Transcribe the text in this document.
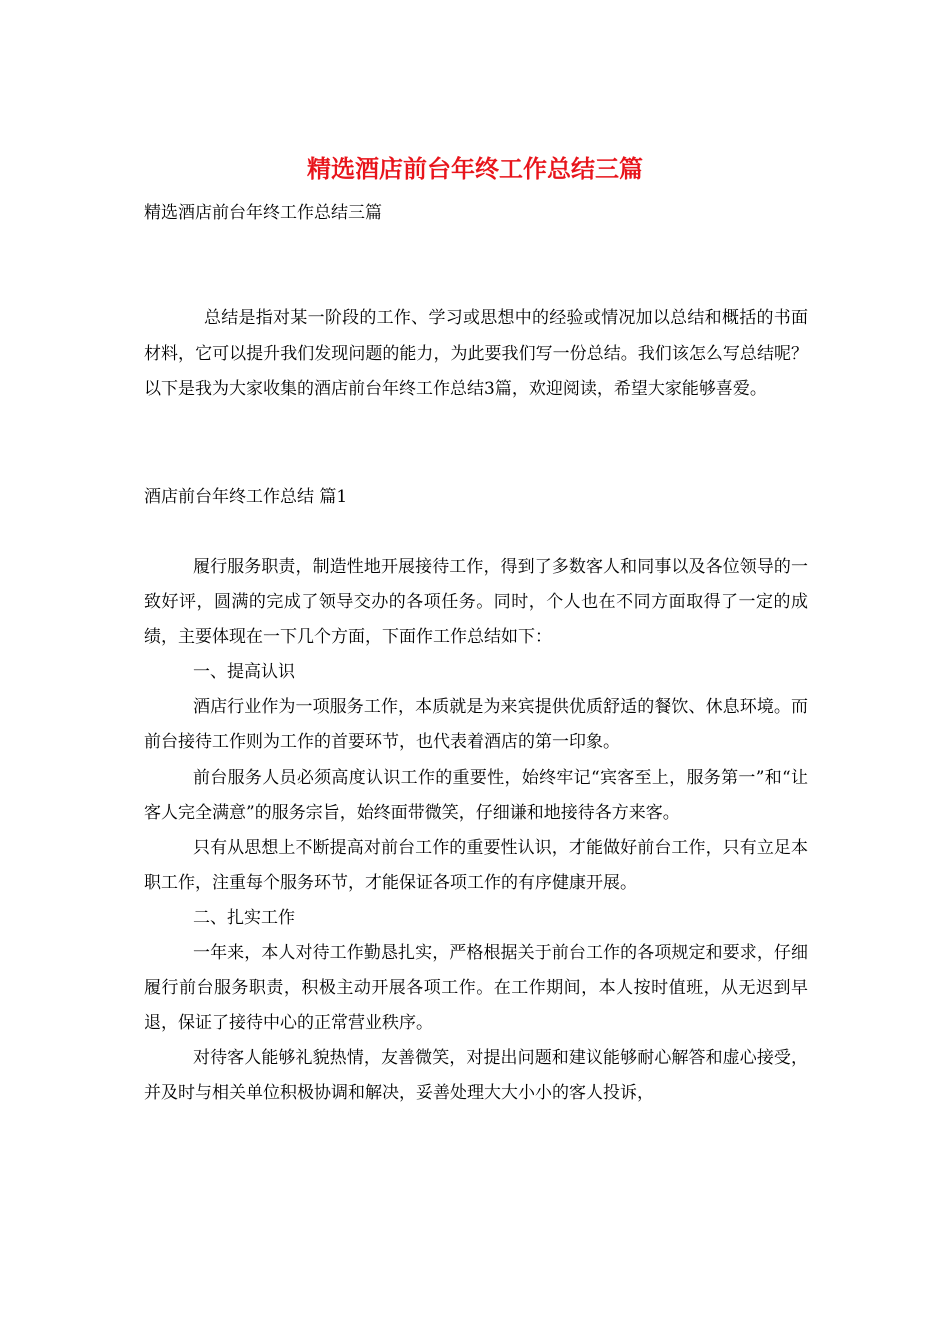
精选酒店前台年终工作总结三篇

精选酒店前台年终工作总结三篇

总结是指对某一阶段的工作、学习或思想中的经验或情况加以总结和概括的书面材料，它可以提升我们发现问题的能力，为此要我们写一份总结。我们该怎么写总结呢？以下是我为大家收集的酒店前台年终工作总结3篇，欢迎阅读，希望大家能够喜爱。

酒店前台年终工作总结 篇1

履行服务职责，制造性地开展接待工作，得到了多数客人和同事以及各位领导的一致好评，圆满的完成了领导交办的各项任务。同时，个人也在不同方面取得了一定的成绩，主要体现在一下几个方面，下面作工作总结如下：

一、提高认识

酒店行业作为一项服务工作，本质就是为来宾提供优质舒适的餐饮、休息环境。而前台接待工作则为工作的首要环节，也代表着酒店的第一印象。

前台服务人员必须高度认识工作的重要性，始终牢记“宾客至上，服务第一”和“让客人完全满意”的服务宗旨，始终面带微笑，仔细谦和地接待各方来客。

只有从思想上不断提高对前台工作的重要性认识，才能做好前台工作，只有立足本职工作，注重每个服务环节，才能保证各项工作的有序健康开展。

二、扎实工作

一年来，本人对待工作勤恳扎实，严格根据关于前台工作的各项规定和要求，仔细履行前台服务职责，积极主动开展各项工作。在工作期间，本人按时值班，从无迟到早退，保证了接待中心的正常营业秩序。

对待客人能够礼貌热情，友善微笑，对提出问题和建议能够耐心解答和虚心接受，并及时与相关单位积极协调和解决，妥善处理大大小小的客人投诉，
